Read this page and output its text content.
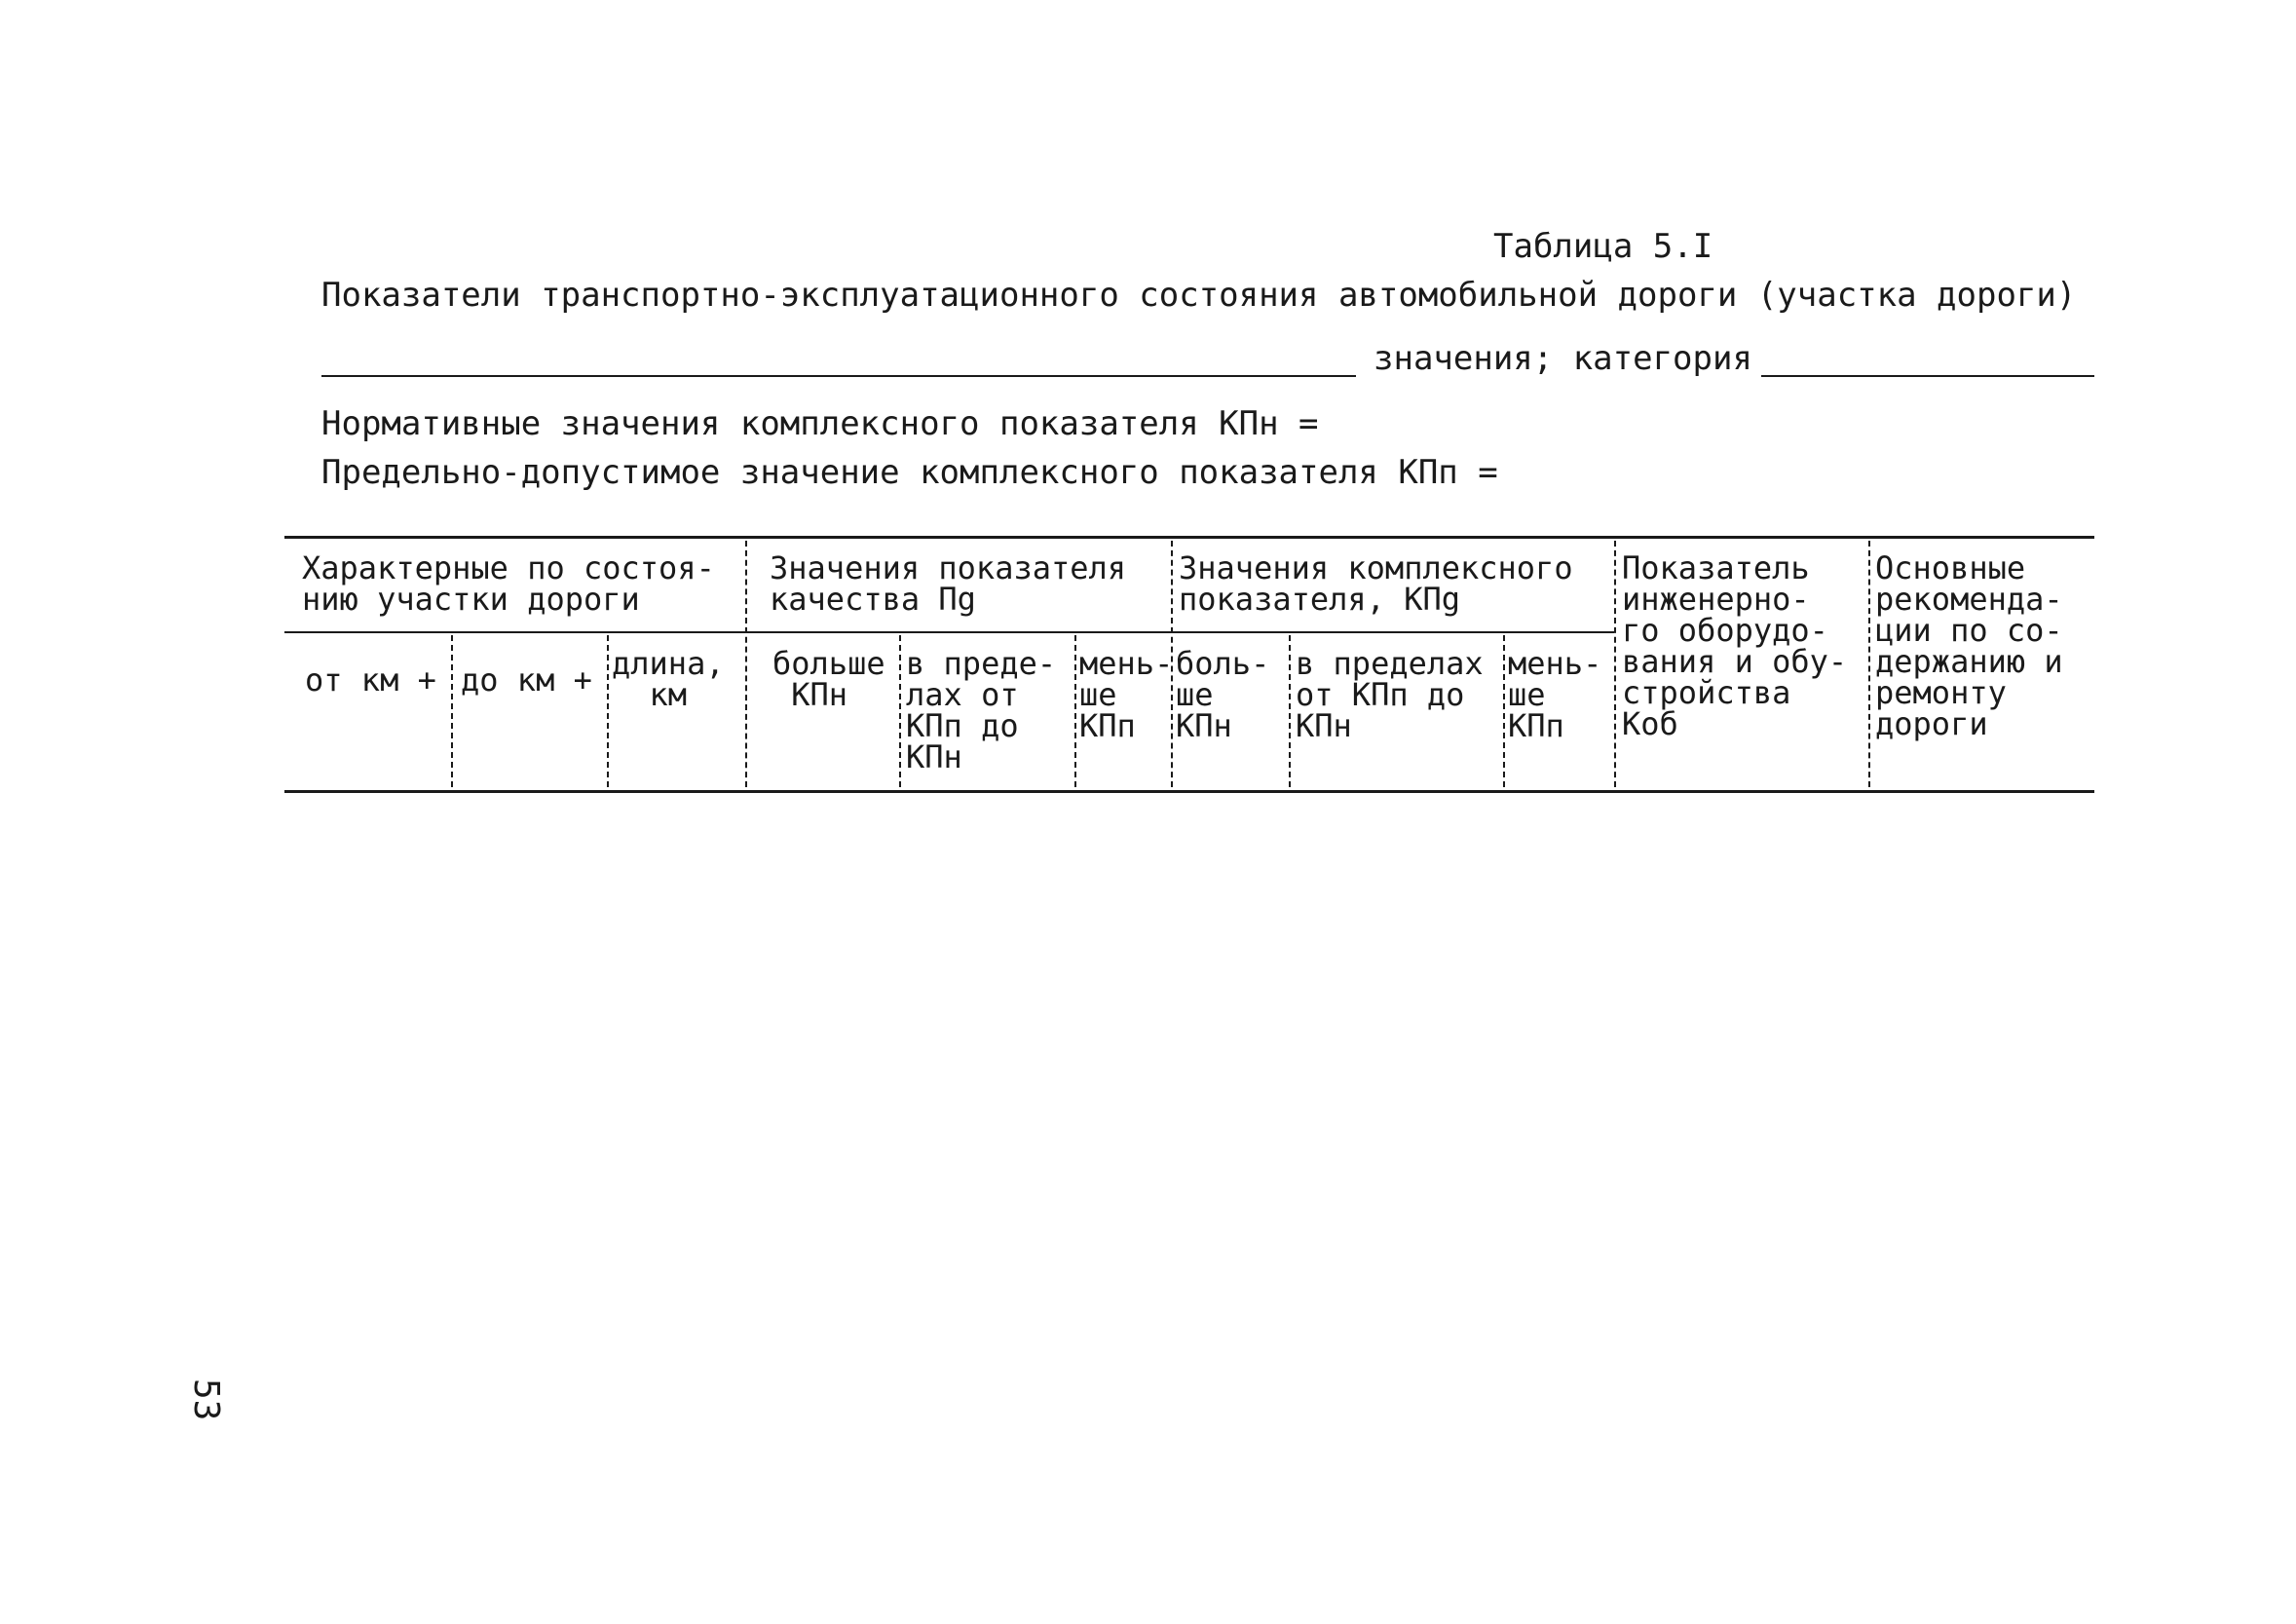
Таблица 5.I
Показатели транспортно-эксплуатационного состояния автомобильной дороги (участка дороги)
значения; категория
Нормативные значения комплексного показателя КПн =
Предельно-допустимое значение комплексного показателя КПп =
Характерные по состоя-
нию участки дороги
Значения показателя
качества Пg
Значения комплексного
показателя, КПg
Показатель
инженерно-
го оборудо-
вания и обу-
стройства
Коб
Основные
рекоменда-
ции по со-
держанию и
ремонту
дороги
от км + до км + длина,
км
больше
КПн
в преде-
лах от
КПп до
КПн
мень-
ше
КПп
боль-
ше
КПн
в пределах
от КПп до
КПн
мень-
ше
КПп
53
